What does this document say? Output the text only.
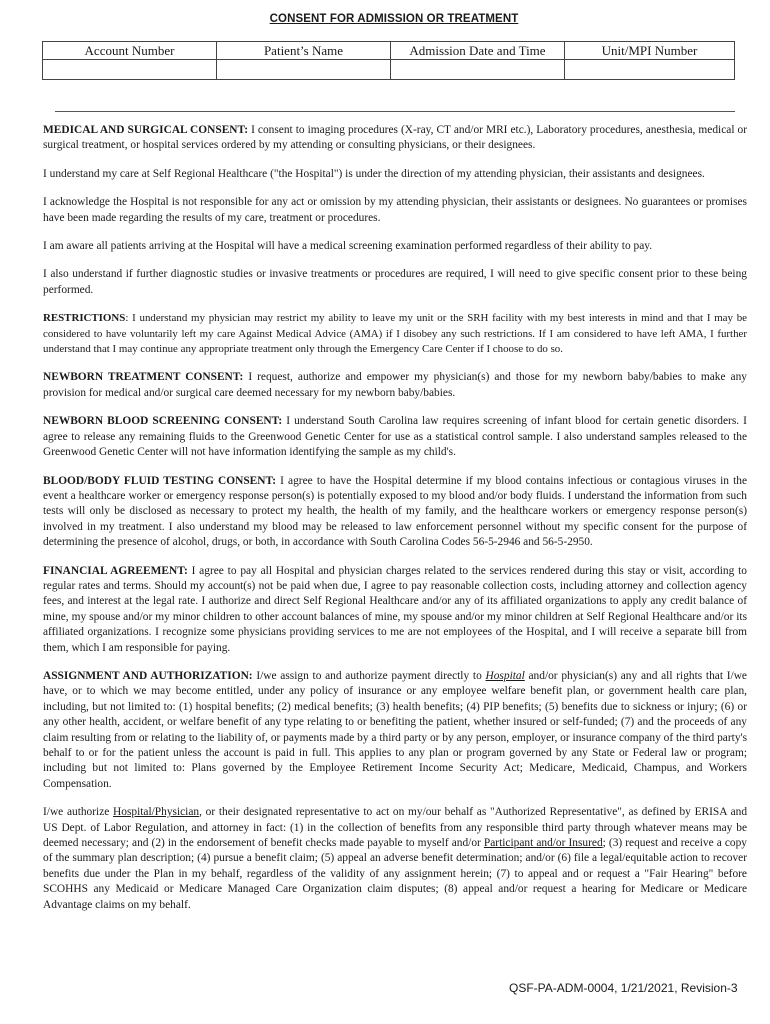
CONSENT FOR ADMISSION OR TREATMENT
Account Number	Patient’s Name	Admission Date and Time	Unit/MPI Number

MEDICAL AND SURGICAL CONSENT: I consent to imaging procedures (X-ray, CT and/or MRI etc.), Laboratory procedures, anesthesia, medical or surgical treatment, or hospital services ordered by my attending or consulting physicians, or their designees.

I understand my care at Self Regional Healthcare ("the Hospital") is under the direction of my attending physician, their assistants and designees.

I acknowledge the Hospital is not responsible for any act or omission by my attending physician, their assistants or designees. No guarantees or promises have been made regarding the results of my care, treatment or procedures.

I am aware all patients arriving at the Hospital will have a medical screening examination performed regardless of their ability to pay.

I also understand if further diagnostic studies or invasive treatments or procedures are required, I will need to give specific consent prior to these being performed.

RESTRICTIONS: I understand my physician may restrict my ability to leave my unit or the SRH facility with my best interests in mind and that I may be considered to have voluntarily left my care Against Medical Advice (AMA) if I disobey any such restrictions. If I am considered to have left AMA, I further understand that I may continue any appropriate treatment only through the Emergency Care Center if I choose to do so.

NEWBORN TREATMENT CONSENT: I request, authorize and empower my physician(s) and those for my newborn baby/babies to make any provision for medical and/or surgical care deemed necessary for my newborn baby/babies.

NEWBORN BLOOD SCREENING CONSENT: I understand South Carolina law requires screening of infant blood for certain genetic disorders. I agree to release any remaining fluids to the Greenwood Genetic Center for use as a statistical control sample. I also understand samples released to the Greenwood Genetic Center will not have information identifying the sample as my child's.

BLOOD/BODY FLUID TESTING CONSENT: I agree to have the Hospital determine if my blood contains infectious or contagious viruses in the event a healthcare worker or emergency response person(s) is potentially exposed to my blood and/or body fluids. I understand the information from such tests will only be disclosed as necessary to protect my health, the health of my family, and the healthcare workers or emergency response person(s) involved in my treatment. I also understand my blood may be released to law enforcement personnel without my specific consent for the purpose of determining the presence of alcohol, drugs, or both, in accordance with South Carolina Codes 56-5-2946 and 56-5-2950.

FINANCIAL AGREEMENT: I agree to pay all Hospital and physician charges related to the services rendered during this stay or visit, according to regular rates and terms. Should my account(s) not be paid when due, I agree to pay reasonable collection costs, including attorney and collection agency fees, and interest at the legal rate. I authorize and direct Self Regional Healthcare and/or any of its affiliated organizations to apply any credit balance of mine, my spouse and/or my minor children to other account balances of mine, my spouse and/or my minor children at Self Regional Healthcare and/or its affiliated organizations. I recognize some physicians providing services to me are not employees of the Hospital, and I will receive a separate bill from them, which I am responsible for paying.

ASSIGNMENT AND AUTHORIZATION: I/we assign to and authorize payment directly to Hospital and/or physician(s) any and all rights that I/we have, or to which we may become entitled, under any policy of insurance or any employee welfare benefit plan, or government health care plan, including, but not limited to: (1) hospital benefits; (2) medical benefits; (3) health benefits; (4) PIP benefits; (5) benefits due to sickness or injury; (6) or any other health, accident, or welfare benefit of any type relating to or benefiting the patient, whether insured or self-funded; (7) and the proceeds of any claim resulting from or relating to the liability of, or payments made by a third party or by any person, employer, or insurance company of the third party's behalf to or for the patient unless the account is paid in full. This applies to any plan or program governed by any State or Federal law or program; including but not limited to: Plans governed by the Employee Retirement Income Security Act; Medicare, Medicaid, Champus, and Workers Compensation.

I/we authorize Hospital/Physician, or their designated representative to act on my/our behalf as "Authorized Representative", as defined by ERISA and US Dept. of Labor Regulation, and attorney in fact: (1) in the collection of benefits from any responsible third party through whatever means may be deemed necessary; and (2) in the endorsement of benefit checks made payable to myself and/or Participant and/or Insured; (3) request and receive a copy of the summary plan description; (4) pursue a benefit claim; (5) appeal an adverse benefit determination; and/or (6) file a legal/equitable action to recover benefits due under the Plan in my behalf, regardless of the validity of any assignment herein; (7) to appeal and or request a "Fair Hearing" before SCOHHS any Medicaid or Medicare Managed Care Organization claim disputes; (8) appeal and/or request a hearing for Medicare or Medicare Advantage claims on my behalf.

QSF-PA-ADM-0004, 1/21/2021, Revision-3
